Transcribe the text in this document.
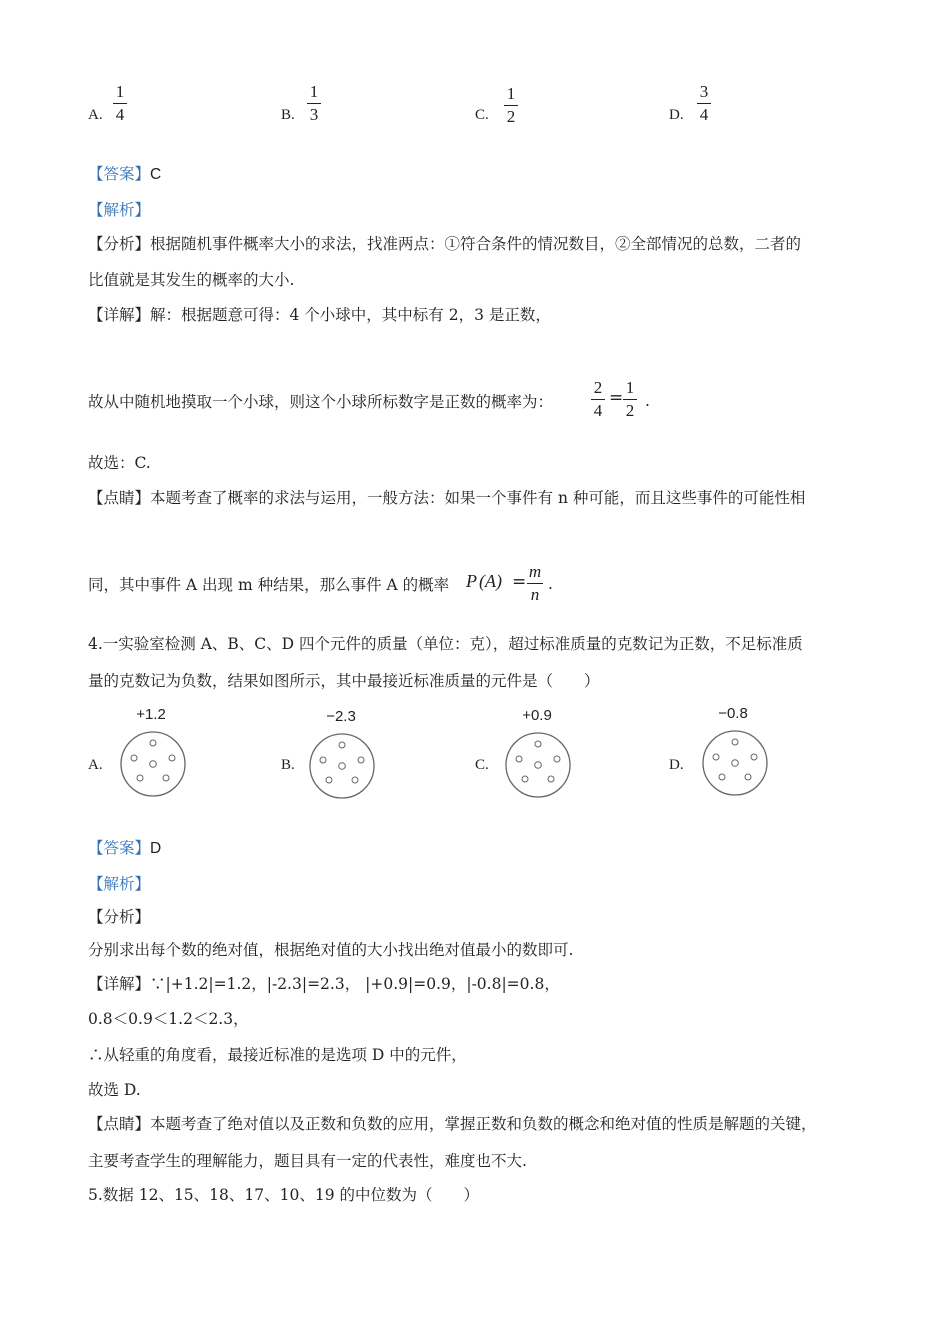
A.
1
4	B.
1
3	C.
1
2	D.
3
4
【答案】C
【解析】
【分析】根据随机事件概率大小的求法，找准两点：①符合条件的情况数目，②全部情况的总数，二者的
比值就是其发生的概率的大小.
【详解】解：根据题意可得：4 个小球中，其中标有 2，3 是正数，
故从中随机地摸取一个小球，则这个小球所标数字是正数的概率为：
2
4
=
1
2 .
故选：C.
【点睛】本题考查了概率的求法与运用，一般方法：如果一个事件有 n 种可能，而且这些事件的可能性相
同，其中事件 A 出现 m 种结果，那么事件 A 的概率 P (A) =
m
n
.
4.一实验室检测 A、B、C、D 四个元件的质量（单位：克），超过标准质量的克数记为正数，不足标准质
量的克数记为负数，结果如图所示，其中最接近标准质量的元件是（　　）
+1.2
A.
−2.3
B.
+0.9
C.
−0.8
D.
【答案】D
【解析】
【分析】
分别求出每个数的绝对值，根据绝对值的大小找出绝对值最小的数即可.
【详解】∵|+1.2|=1.2，|-2.3|=2.3， |+0.9|=0.9，|-0.8|=0.8，
0.8＜0.9＜1.2＜2.3，
∴从轻重的角度看，最接近标准的是选项 D 中的元件，
故选 D.
【点睛】本题考查了绝对值以及正数和负数的应用，掌握正数和负数的概念和绝对值的性质是解题的关键，
主要考查学生的理解能力，题目具有一定的代表性，难度也不大.
5.数据 12、15、18、17、10、19 的中位数为（　　）
